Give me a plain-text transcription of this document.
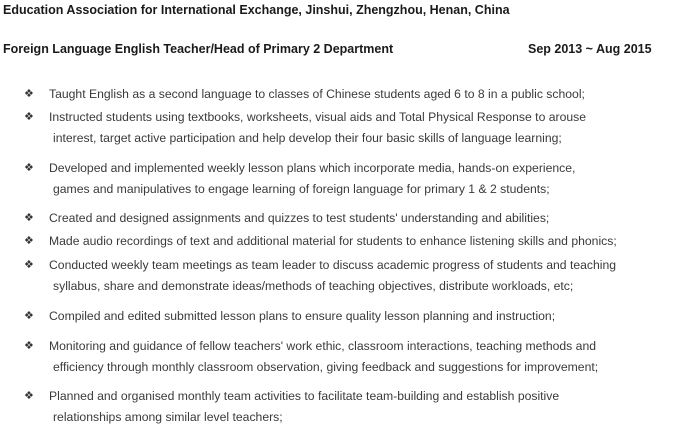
Education Association for International Exchange, Jinshui, Zhengzhou, Henan, China
Foreign Language English Teacher/Head of Primary 2 Department	Sep 2013 ~ Aug 2015
❖ Taught English as a second language to classes of Chinese students aged 6 to 8 in a public school;
❖ Instructed students using textbooks, worksheets, visual aids and Total Physical Response to arouse
interest, target active participation and help develop their four basic skills of language learning;
❖ Developed and implemented weekly lesson plans which incorporate media, hands-on experience,
games and manipulatives to engage learning of foreign language for primary 1 & 2 students;
❖ Created and designed assignments and quizzes to test students' understanding and abilities;
❖ Made audio recordings of text and additional material for students to enhance listening skills and phonics;
❖ Conducted weekly team meetings as team leader to discuss academic progress of students and teaching
syllabus, share and demonstrate ideas/methods of teaching objectives, distribute workloads, etc;
❖ Compiled and edited submitted lesson plans to ensure quality lesson planning and instruction;
❖ Monitoring and guidance of fellow teachers' work ethic, classroom interactions, teaching methods and
efficiency through monthly classroom observation, giving feedback and suggestions for improvement;
❖ Planned and organised monthly team activities to facilitate team-building and establish positive
relationships among similar level teachers;
